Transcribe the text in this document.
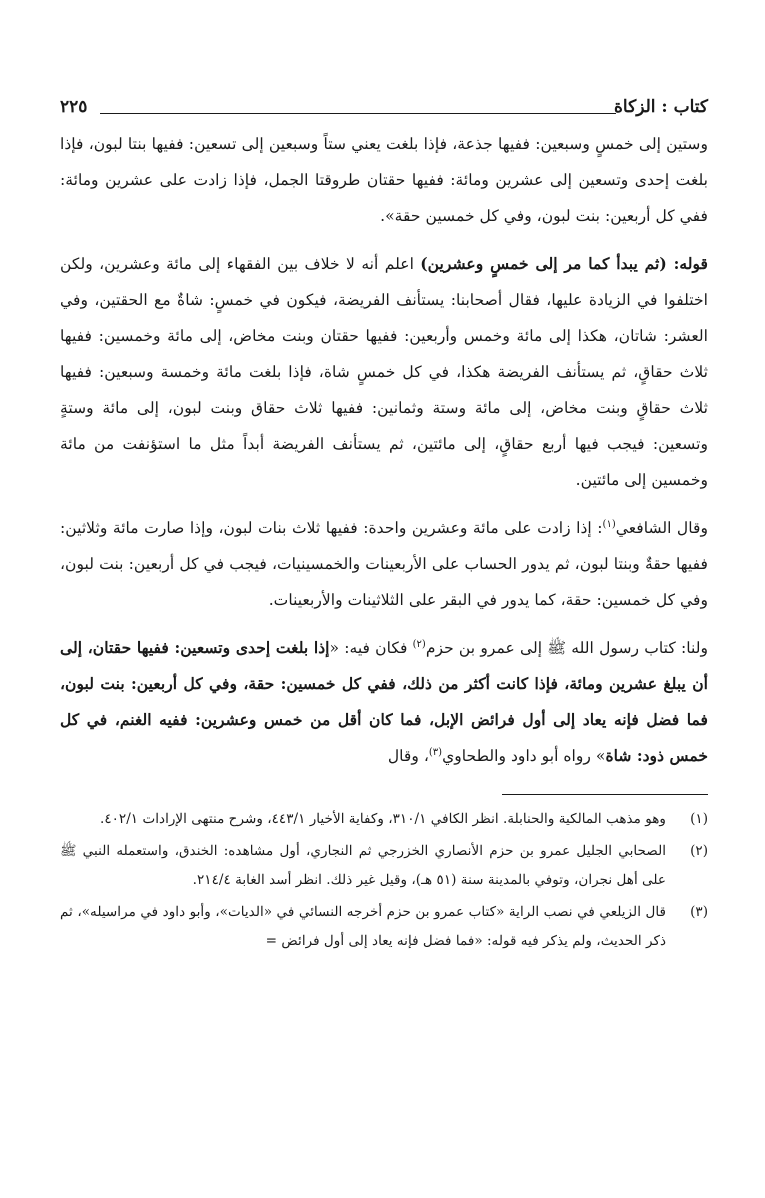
كتاب : الزكاة
٢٢٥

وستين إلى خمسٍ وسبعين: ففيها جذعة، فإذا بلغت يعني ستاً وسبعين إلى تسعين: ففيها بنتا لبون، فإذا بلغت إحدى وتسعين إلى عشرين ومائة: ففيها حقتان طروقتا الجمل، فإذا زادت على عشرين ومائة: ففي كل أربعين: بنت لبون، وفي كل خمسين حقة».

قوله: (ثم يبدأ كما مر إلى خمسٍ وعشرين) اعلم أنه لا خلاف بين الفقهاء إلى مائة وعشرين، ولكن اختلفوا في الزيادة عليها، فقال أصحابنا: يستأنف الفريضة، فيكون في خمسٍ: شاةٌ مع الحقتين، وفي العشر: شاتان، هكذا إلى مائة وخمس وأربعين: ففيها حقتان وبنت مخاض، إلى مائة وخمسين: ففيها ثلاث حقاقٍ، ثم يستأنف الفريضة هكذا، في كل خمسٍ شاة، فإذا بلغت مائة وخمسة وسبعين: ففيها ثلاث حقاقٍ وبنت مخاض، إلى مائة وستة وثمانين: ففيها ثلاث حقاق وبنت لبون، إلى مائة وستةٍ وتسعين: فيجب فيها أربع حقاقٍ، إلى مائتين، ثم يستأنف الفريضة أبداً مثل ما استؤنفت من مائة وخمسين إلى مائتين.

وقال الشافعي$^{(١)}$: إذا زادت على مائة وعشرين واحدة: ففيها ثلاث بنات لبون، وإذا صارت مائة وثلاثين: ففيها حقةٌ وبنتا لبون، ثم يدور الحساب على الأربعينات والخمسينيات، فيجب في كل أربعين: بنت لبون، وفي كل خمسين: حقة، كما يدور في البقر على الثلاثينات والأربعينات.

ولنا: كتاب رسول الله ﷺ إلى عمرو بن حزم$^{(٢)}$ فكان فيه: «إذا بلغت إحدى وتسعين: ففيها حقتان، إلى أن يبلغ عشرين ومائة، فإذا كانت أكثر من ذلك، ففي كل خمسين: حقة، وفي كل أربعين: بنت لبون، فما فضل فإنه يعاد إلى أول فرائض الإبل، فما كان أقل من خمس وعشرين: ففيه الغنم، في كل خمس ذود: شاة» رواه أبو داود والطحاوي$^{(٣)}$، وقال

(١)
وهو مذهب المالكية والحنابلة. انظر الكافي ٣١٠/١، وكفاية الأخيار ٤٤٣/١، وشرح منتهى الإرادات ٤٠٢/١.
(٢)
الصحابي الجليل عمرو بن حزم الأنصاري الخزرجي ثم النجاري، أول مشاهده: الخندق، واستعمله النبي ﷺ على أهل نجران، وتوفي بالمدينة سنة (٥١ هـ)، وقيل غير ذلك. انظر أسد الغابة ٢١٤/٤.
(٣)
قال الزيلعي في نصب الراية «كتاب عمرو بن حزم أخرجه النسائي في «الديات»، وأبو داود في مراسيله»، ثم ذكر الحديث، ولم يذكر فيه قوله: «فما فضل فإنه يعاد إلى أول فرائض =
